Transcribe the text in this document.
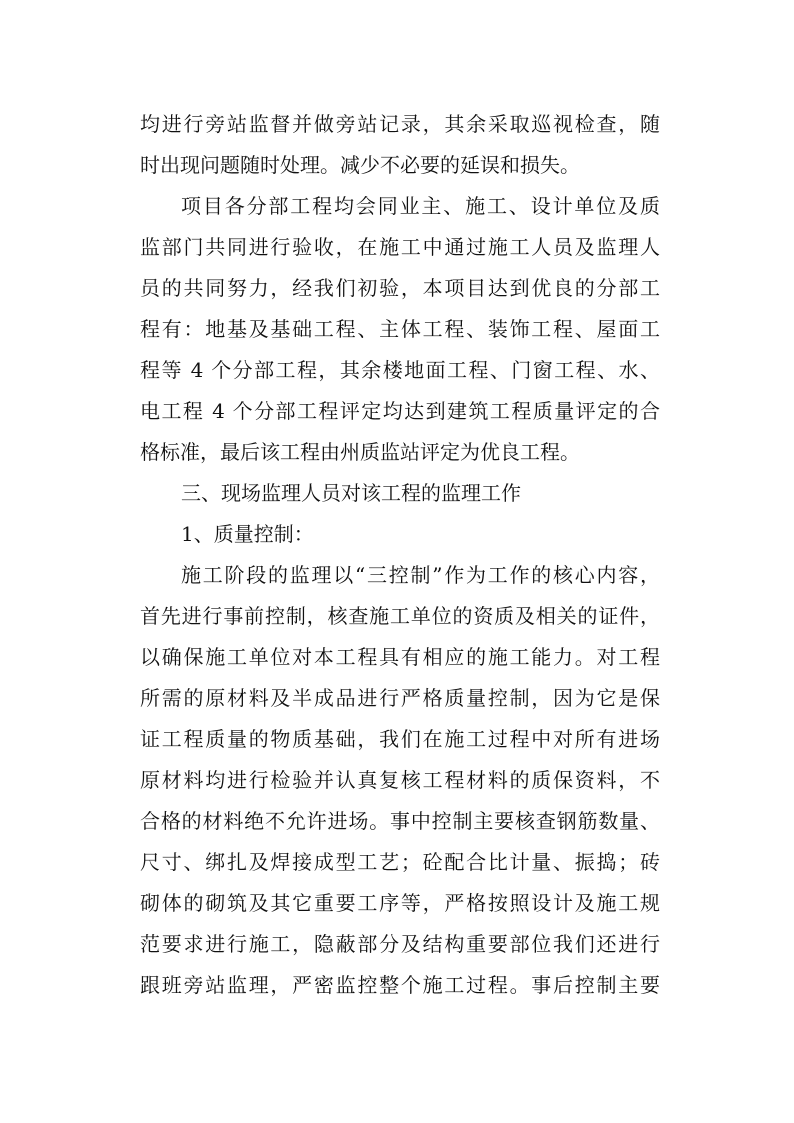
均进行旁站监督并做旁站记录，其余采取巡视检查，随
时出现问题随时处理。减少不必要的延误和损失。
项目各分部工程均会同业主、施工、设计单位及质
监部门共同进行验收，在施工中通过施工人员及监理人
员的共同努力，经我们初验，本项目达到优良的分部工
程有：地基及基础工程、主体工程、装饰工程、屋面工
程等 4 个分部工程，其余楼地面工程、门窗工程、水、
电工程 4 个分部工程评定均达到建筑工程质量评定的合
格标准，最后该工程由州质监站评定为优良工程。
三、现场监理人员对该工程的监理工作
1、质量控制：
施工阶段的监理以“三控制”作为工作的核心内容，
首先进行事前控制，核查施工单位的资质及相关的证件，
以确保施工单位对本工程具有相应的施工能力。对工程
所需的原材料及半成品进行严格质量控制，因为它是保
证工程质量的物质基础，我们在施工过程中对所有进场
原材料均进行检验并认真复核工程材料的质保资料，不
合格的材料绝不允许进场。事中控制主要核查钢筋数量、
尺寸、绑扎及焊接成型工艺；砼配合比计量、振捣；砖
砌体的砌筑及其它重要工序等，严格按照设计及施工规
范要求进行施工，隐蔽部分及结构重要部位我们还进行
跟班旁站监理，严密监控整个施工过程。事后控制主要
